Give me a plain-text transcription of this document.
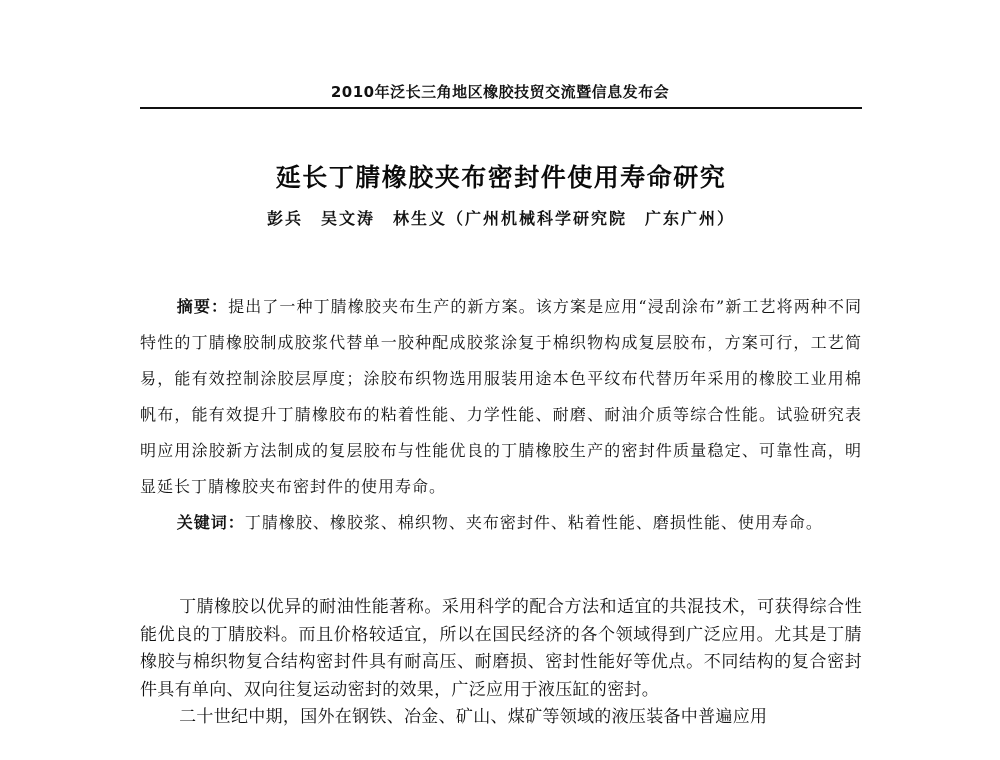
2010年泛长三角地区橡胶技贸交流暨信息发布会
延长丁腈橡胶夹布密封件使用寿命研究
彭兵　吴文涛　林生义（广州机械科学研究院　广东广州）

摘要：提出了一种丁腈橡胶夹布生产的新方案。该方案是应用“浸刮涂布”新工艺将两种不同特性的丁腈橡胶制成胶浆代替单一胶种配成胶浆涂复于棉织物构成复层胶布，方案可行，工艺简易，能有效控制涂胶层厚度；涂胶布织物选用服装用途本色平纹布代替历年采用的橡胶工业用棉帆布，能有效提升丁腈橡胶布的粘着性能、力学性能、耐磨、耐油介质等综合性能。试验研究表明应用涂胶新方法制成的复层胶布与性能优良的丁腈橡胶生产的密封件质量稳定、可靠性高，明显延长丁腈橡胶夹布密封件的使用寿命。

关键词：丁腈橡胶、橡胶浆、棉织物、夹布密封件、粘着性能、磨损性能、使用寿命。

丁腈橡胶以优异的耐油性能著称。采用科学的配合方法和适宜的共混技术，可获得综合性能优良的丁腈胶料。而且价格较适宜，所以在国民经济的各个领域得到广泛应用。尤其是丁腈橡胶与棉织物复合结构密封件具有耐高压、耐磨损、密封性能好等优点。不同结构的复合密封件具有单向、双向往复运动密封的效果，广泛应用于液压缸的密封。

二十世纪中期，国外在钢铁、冶金、矿山、煤矿等领域的液压装备中普遍应用
